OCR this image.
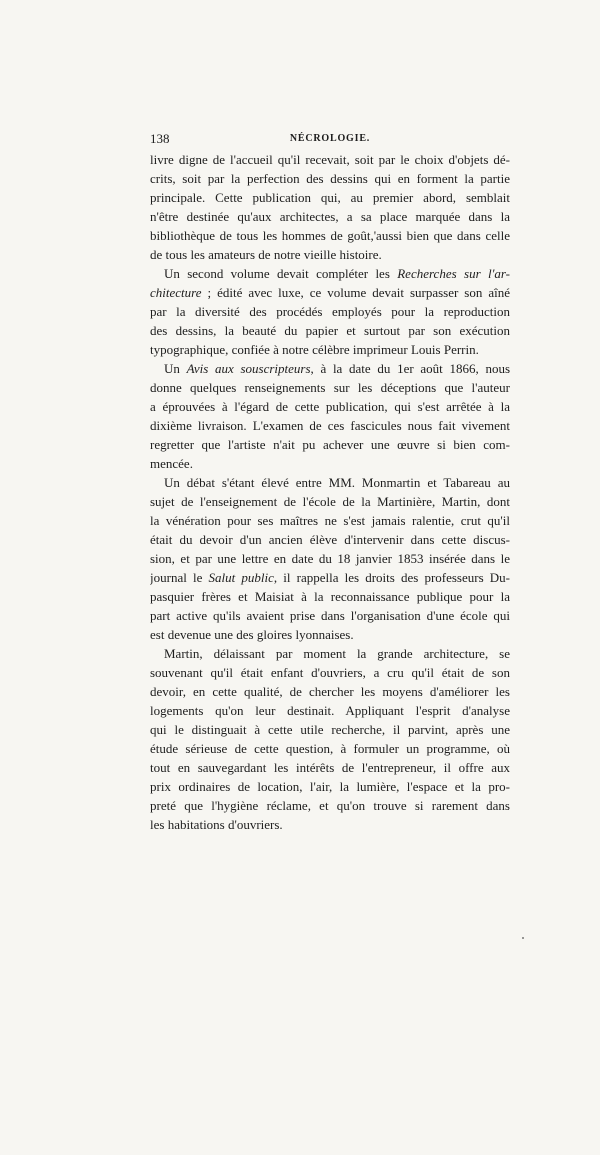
138	NÉCROLOGIE.
livre digne de l'accueil qu'il recevait, soit par le choix d'objets dé-
crits, soit par la perfection des dessins qui en forment la partie
principale. Cette publication qui, au premier abord, semblait
n'être destinée qu'aux architectes, a sa place marquée dans la
bibliothèque de tous les hommes de goût,'aussi bien que dans celle
de tous les amateurs de notre vieille histoire.
Un second volume devait compléter les Recherches sur l'ar-
chitecture ; édité avec luxe, ce volume devait surpasser son aîné
par la diversité des procédés employés pour la reproduction
des dessins, la beauté du papier et surtout par son exécution
typographique, confiée à notre célèbre imprimeur Louis Perrin.
Un Avis aux souscripteurs, à la date du 1er août 1866, nous
donne quelques renseignements sur les déceptions que l'auteur
a éprouvées à l'égard de cette publication, qui s'est arrêtée à la
dixième livraison. L'examen de ces fascicules nous fait vivement
regretter que l'artiste n'ait pu achever une œuvre si bien com-
mencée.
Un débat s'étant élevé entre MM. Monmartin et Tabareau au
sujet de l'enseignement de l'école de la Martinière, Martin, dont
la vénération pour ses maîtres ne s'est jamais ralentie, crut qu'il
était du devoir d'un ancien élève d'intervenir dans cette discus-
sion, et par une lettre en date du 18 janvier 1853 insérée dans le
journal le Salut public, il rappella les droits des professeurs Du-
pasquier frères et Maisiat à la reconnaissance publique pour la
part active qu'ils avaient prise dans l'organisation d'une école qui
est devenue une des gloires lyonnaises.
Martin, délaissant par moment la grande architecture, se
souvenant qu'il était enfant d'ouvriers, a cru qu'il était de son
devoir, en cette qualité, de chercher les moyens d'améliorer les
logements qu'on leur destinait. Appliquant l'esprit d'analyse
qui le distinguait à cette utile recherche, il parvint, après une
étude sérieuse de cette question, à formuler un programme, où
tout en sauvegardant les intérêts de l'entrepreneur, il offre aux
prix ordinaires de location, l'air, la lumière, l'espace et la pro-
preté que l'hygiène réclame, et qu'on trouve si rarement dans
les habitations d'ouvriers.
